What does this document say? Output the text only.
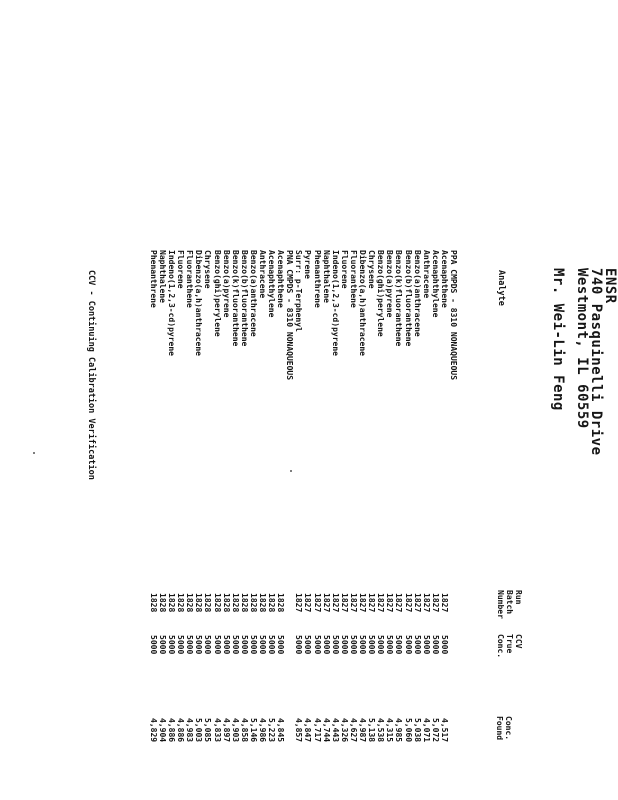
ENSR
740 Pasquinelli Drive
Westmont, IL 60559
Mr. Wei-Lin Feng
Analyte
Run
Batch
Number
CCV
True
Conc.
Conc.
Found
PPA CMPDS - 8310 NONAQUEOUS
Acenaphthene
1827
5000
4,517
Acenaphthylene
1827
5000
5,072
Anthracene
1827
5000
4,071
Benzo(a)anthracene
1827
5000
5,038
Benzo(b)fluoranthene
1827
5000
5,060
Benzo(k)fluoranthene
1827
5000
4,985
Benzo(a)pyrene
1827
5000
4,315
Benzo(ghi)perylene
1827
5000
4,538
Chrysene
1827
5000
5,138
Dibenzo(a,h)anthracene
1827
5000
4,987
Fluoranthene
1827
5000
4,627
Fluorene
1827
5000
4,326
Indeno(1,2,3-cd)pyrene
1827
5000
4,443
Naphthalene
1827
5000
4,744
Phenanthrene
1827
5000
4,717
Pyrene
1827
5000
4,847
Surr: p-Terphenyl
1827
5000
4,857
PNA CMPDS - 8310 NONAQUEOUS
Acenaphthene
1828
5000
4,845
Acenaphthylene
1828
5000
5,223
Anthracene
1828
5000
4,986
Benzo(a)anthracene
1828
5000
5,146
Benzo(b)fluoranthene
1828
5000
4,858
Benzo(k)fluoranthene
1828
5000
4,903
Benzo(a)pyrene
1828
5000
4,897
Benzo(ghi)perylene
1828
5000
4,833
Chrysene
1828
5000
5,085
Dibenzo(a,h)anthracene
1828
5000
5,003
Fluoranthene
1828
5000
4,983
Fluorene
1828
5000
4,886
Indeno(1,2,3-cd)pyrene
1828
5000
4,886
Naphthalene
1828
5000
4,904
Phenanthrene
1828
5000
4,829
CCV - Continuing Calibration Verification
